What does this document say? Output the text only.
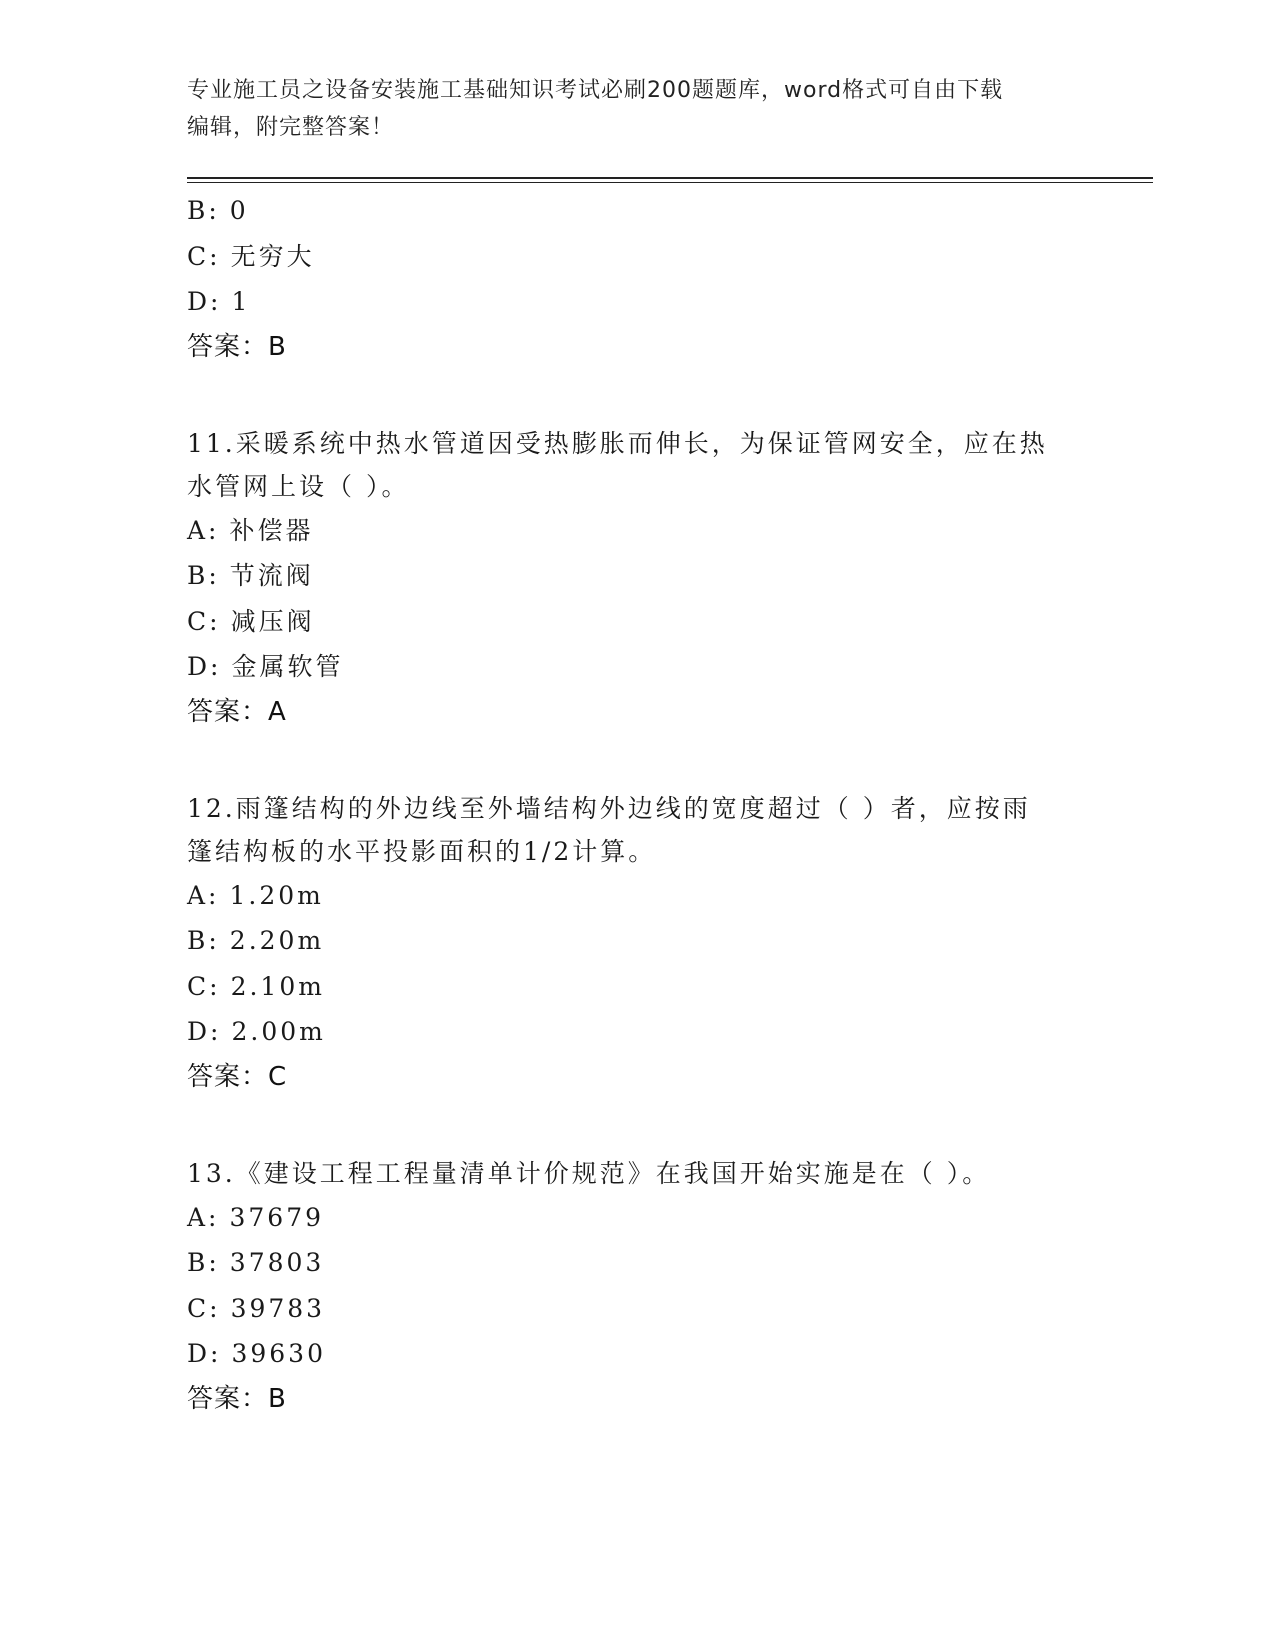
专业施工员之设备安装施工基础知识考试必刷200题题库，word格式可自由下载
编辑，附完整答案！
B: 0
C: 无穷大
D: 1
答案：B
11.采暖系统中热水管道因受热膨胀而伸长，为保证管网安全，应在热
水管网上设（ ）。
A: 补偿器
B: 节流阀
C: 减压阀
D: 金属软管
答案：A
12.雨篷结构的外边线至外墙结构外边线的宽度超过（ ）者，应按雨
篷结构板的水平投影面积的1/2计算。
A: 1.20m
B: 2.20m
C: 2.10m
D: 2.00m
答案：C
13.《建设工程工程量清单计价规范》在我国开始实施是在（ ）。
A: 37679
B: 37803
C: 39783
D: 39630
答案：B
